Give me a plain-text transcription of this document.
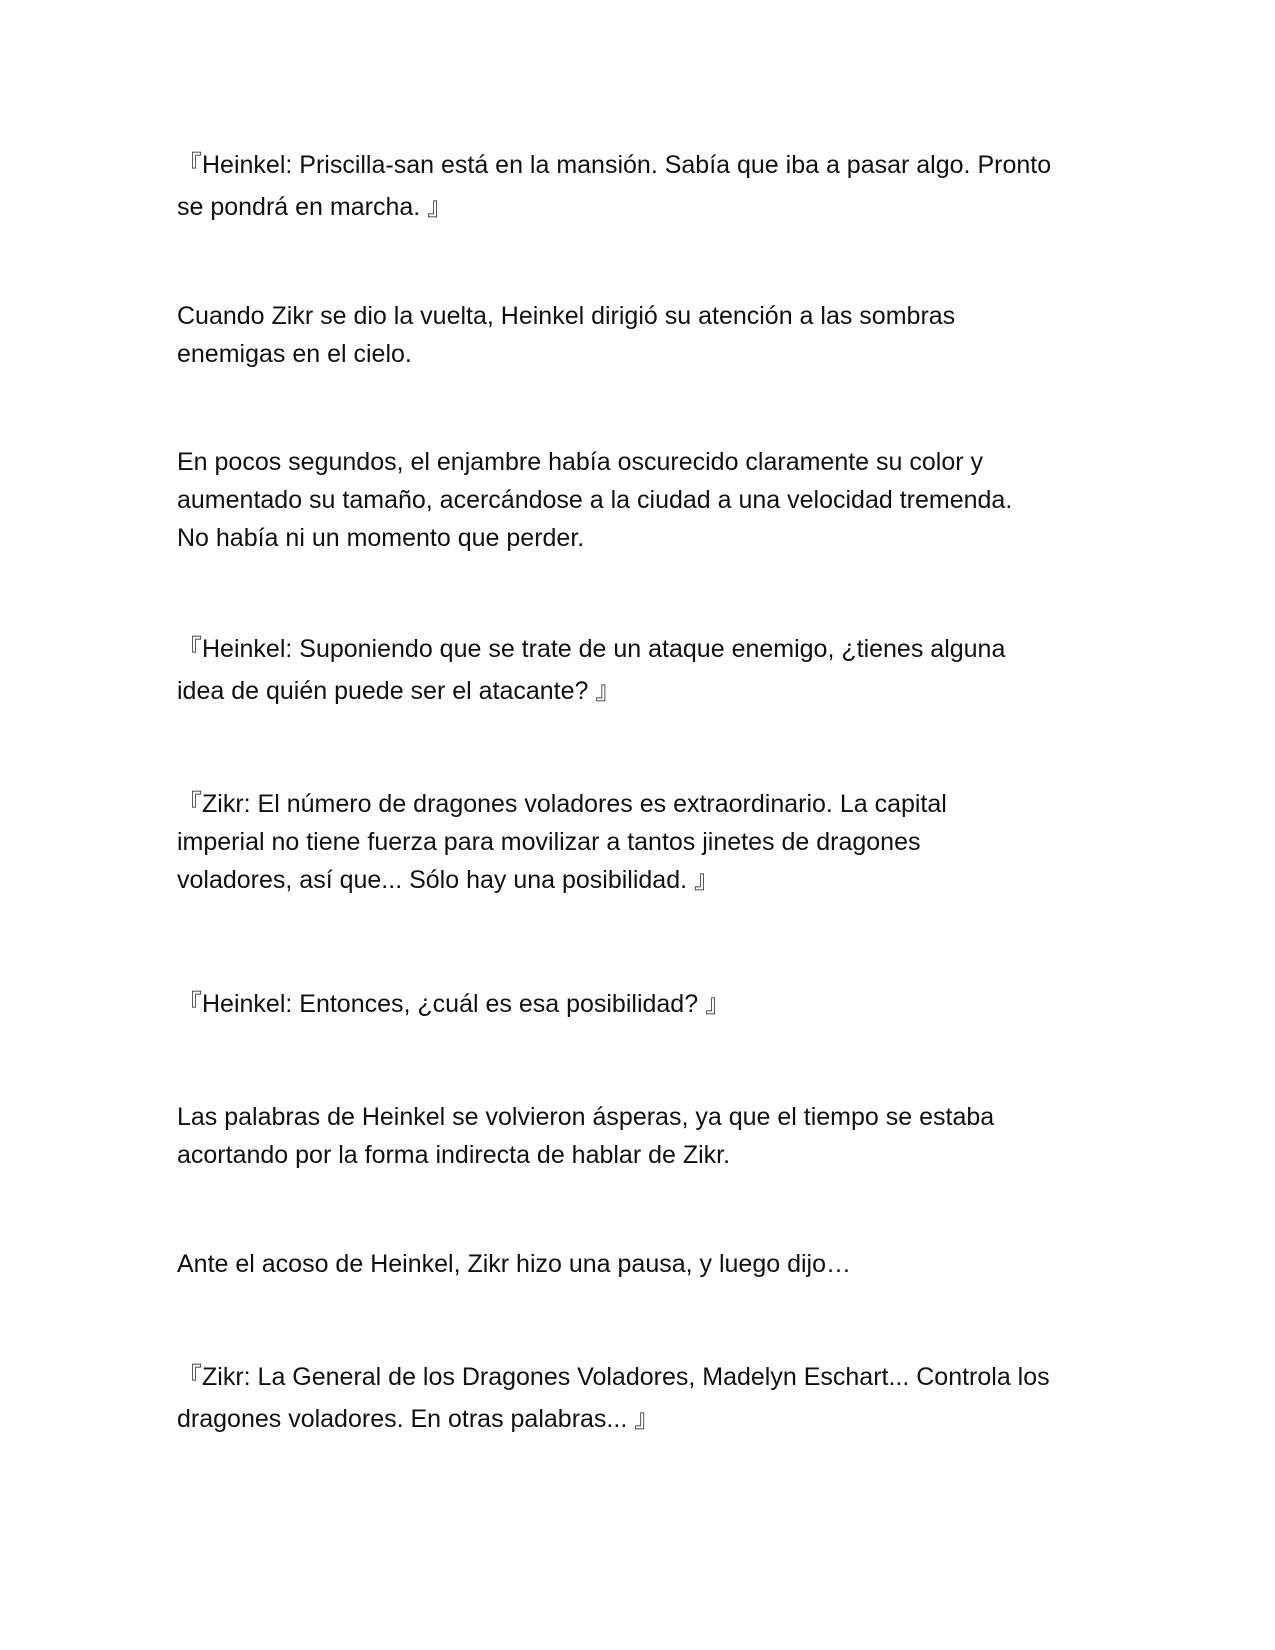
『Heinkel: Priscilla-san está en la mansión. Sabía que iba a pasar algo. Pronto
se pondrá en marcha. 』

Cuando Zikr se dio la vuelta, Heinkel dirigió su atención a las sombras
enemigas en el cielo.

En pocos segundos, el enjambre había oscurecido claramente su color y
aumentado su tamaño, acercándose a la ciudad a una velocidad tremenda.
No había ni un momento que perder.

『Heinkel: Suponiendo que se trate de un ataque enemigo, ¿tienes alguna
idea de quién puede ser el atacante? 』

『Zikr: El número de dragones voladores es extraordinario. La capital
imperial no tiene fuerza para movilizar a tantos jinetes de dragones
voladores, así que... Sólo hay una posibilidad. 』

『Heinkel: Entonces, ¿cuál es esa posibilidad? 』

Las palabras de Heinkel se volvieron ásperas, ya que el tiempo se estaba
acortando por la forma indirecta de hablar de Zikr.

Ante el acoso de Heinkel, Zikr hizo una pausa, y luego dijo…

『Zikr: La General de los Dragones Voladores, Madelyn Eschart... Controla los
dragones voladores. En otras palabras... 』
